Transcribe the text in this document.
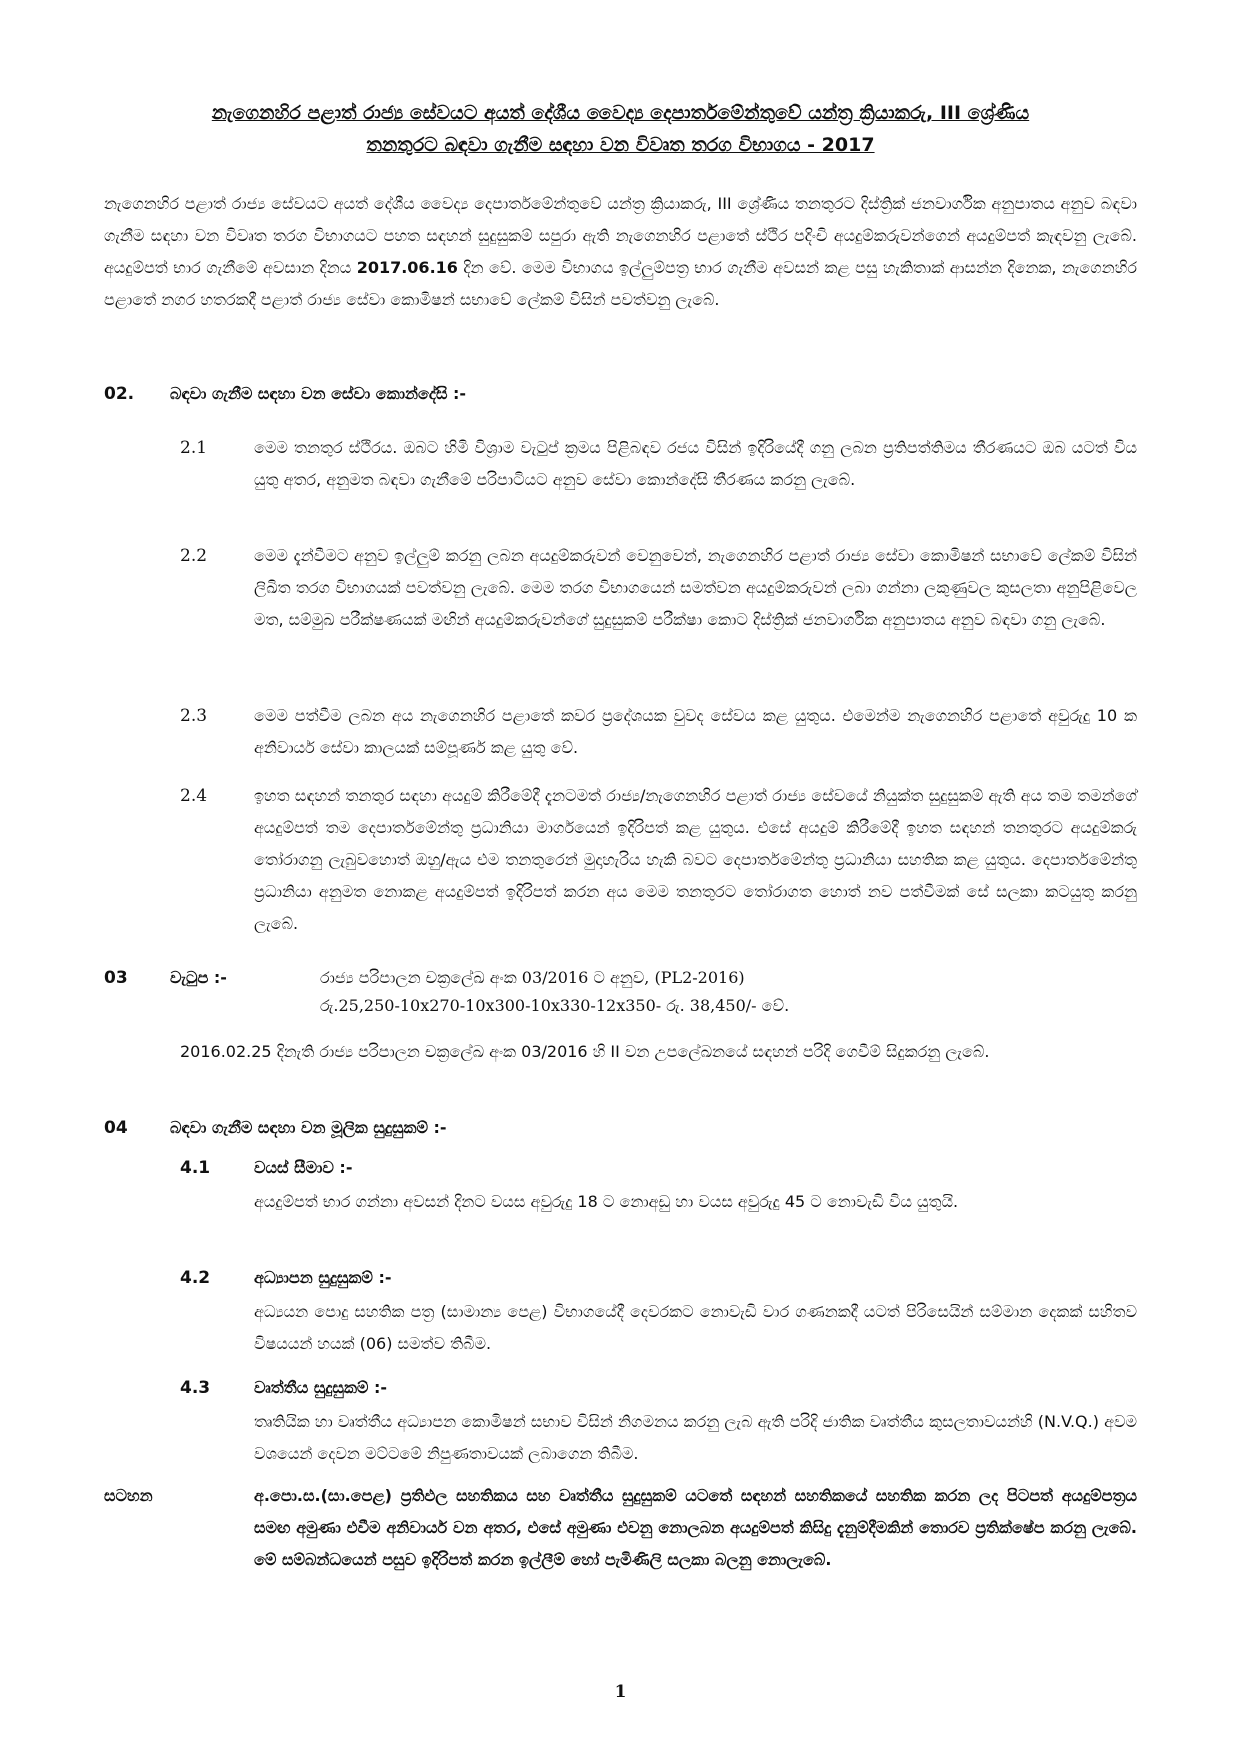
නැගෙනහිර පළාත් රාජ්‍ය සේවයට අයත් දේශීය වෛද්‍ය දෙපාර්තමේන්තුවේ යන්ත්‍ර ක්‍රියාකරු, III ශ්‍රේණිය
තනතුරට බඳවා ගැනීම සඳහා වන විවෘත තරග විභාගය - 2017
නැගෙනහිර පළාත් රාජ්‍ය සේවයට අයත් දේශීය වෛද්‍ය දෙපාර්තමේන්තුවේ යන්ත්‍ර ක්‍රියාකරු, III ශ්‍රේණිය තනතුරට දිස්ත්‍රික් ජනවාර්ගික අනුපාතය අනුව බඳවා ගැනීම සඳහා වන විවෘත තරග විභාගයට පහත සඳහන් සුදුසුකම් සපුරා ඇති නැගෙනහිර පළාතේ ස්ථිර පදිංචි අයදුම්කරුවන්ගෙන් අයදුම්පත් කැඳවනු ලැබේ. අයදුම්පත් භාර ගැනීමේ අවසාන දිනය 2017.06.16 දින වේ. මෙම විභාගය ඉල්ලුම්පත්‍ර භාර ගැනීම අවසන් කළ පසු හැකිතාක් ආසන්න දිනෙක, නැගෙනහිර පළාතේ නගර හතරකදී පළාත් රාජ්‍ය සේවා කොමිෂන් සභාවේ ලේකම් විසින් පවත්වනු ලැබේ.
02. බඳවා ගැනීම සඳහා වන සේවා කොන්දේසි :-
2.1	මෙම තනතුර ස්ථිරය. ඔබට හිමි විශ්‍රාම වැටුප් ක්‍රමය පිළිබඳව රජය විසින් ඉදිරියේදී ගනු ලබන ප්‍රතිපත්තිමය තීරණයට ඔබ යටත් විය යුතු අතර, අනුමත බඳවා ගැනීමේ පරිපාටියට අනුව සේවා කොන්දේසි තීරණය කරනු ලැබේ.
2.2	මෙම දැන්වීමට අනුව ඉල්ලුම් කරනු ලබන අයදුම්කරුවන් වෙනුවෙන්, නැගෙනහිර පළාත් රාජ්‍ය සේවා කොමිෂන් සභාවේ ලේකම් විසින් ලිඛිත තරග විභාගයක් පවත්වනු ලැබේ. මෙම තරග විභාගයෙන් සමත්වන අයදුම්කරුවන් ලබා ගන්නා ලකුණුවල කුසලතා අනුපිළිවෙල මත, සම්මුඛ පරීක්ෂණයක් මඟින් අයදුම්කරුවන්ගේ සුදුසුකම් පරීක්ෂා කොට දිස්ත්‍රික් ජනවාර්ගික අනුපාතය අනුව බඳවා ගනු ලැබේ.
2.3	මෙම පත්වීම ලබන අය නැගෙනහිර පළාතේ කවර ප්‍රදේශයක වුවද සේවය කළ යුතුය. එමෙන්ම නැගෙනහිර පළාතේ අවුරුදු 10 ක අනිවාර්ය සේවා කාලයක් සම්පූර්ණ කළ යුතු වේ.
2.4	ඉහත සඳහන් තනතුර සඳහා අයදුම් කිරීමේදී දැනටමත් රාජ්‍ය/නැගෙනහිර පළාත් රාජ්‍ය සේවයේ නියුක්ත සුදුසුකම් ඇති අය තම තමන්ගේ අයදුම්පත් තම දෙපාර්තමේන්තු ප්‍රධානියා මාර්ගයෙන් ඉදිරිපත් කළ යුතුය. එසේ අයදුම් කිරීමේදී ඉහත සඳහන් තනතුරට අයදුම්කරු තෝරාගනු ලැබුවහොත් ඔහු/ඇය එම තනතුරෙන් මුදාහැරිය හැකි බවට දෙපාර්තමේන්තු ප්‍රධානියා සහතික කළ යුතුය. දෙපාර්තමේන්තු ප්‍රධානියා අනුමත නොකළ අයදුම්පත් ඉදිරිපත් කරන අය මෙම තනතුරට තෝරාගත හොත් නව පත්වීමක් සේ සලකා කටයුතු කරනු ලැබේ.
03	වැටුප :-	රාජ්‍ය පරිපාලන චක්‍රලේඛ අංක 03/2016 ට අනුව, (PL2-2016)
රු.25,250-10x270-10x300-10x330-12x350- රු. 38,450/- වේ.
2016.02.25 දිනැති රාජ්‍ය පරිපාලන චක්‍රලේඛ අංක 03/2016 හි II වන උපලේඛනයේ සඳහන් පරිදි ගෙවීම් සිදුකරනු ලැබේ.
04	බඳවා ගැනීම සඳහා වන මූලික සුදුසුකම් :-
4.1	වයස් සීමාව :-
අයදුම්පත් භාර ගන්නා අවසන් දිනට වයස අවුරුදු 18 ට නොඅඩු හා වයස අවුරුදු 45 ට නොවැඩි විය යුතුයි.
4.2	අධ්‍යාපන සුදුසුකම් :-
අධ්‍යයන පොදු සහතික පත්‍ර (සාමාන්‍ය පෙළ) විභාගයේදී දෙවරකට නොවැඩි වාර ගණනකදී යටත් පිරිසෙයින් සම්මාන දෙකක් සහිතව විෂයයන් හයක් (06) සමත්ව තිබීම.
4.3	වෘත්තීය සුදුසුකම් :-
තෘතියික හා වෘත්තීය අධ්‍යාපන කොමිෂන් සභාව විසින් නිගමනය කරනු ලැබ ඇති පරිදි ජාතික වෘත්තීය කුසලතාවයන්හි (N.V.Q.) අවම වශයෙන් දෙවන මට්ටමේ නිපුණතාවයක් ලබාගෙන තිබීම.
සටහන	අ.පො.ස.(සා.පෙළ) ප්‍රතිඵල සහතිකය සහ වෘත්තීය සුදුසුකම් යටතේ සඳහන් සහතිකයේ සහතික කරන ලද පිටපත් අයදුම්පත්‍රය සමඟ අමුණා එවීම අනිවාර්ය වන අතර, එසේ අමුණා එවනු නොලබන අයදුම්පත් කිසිදු දැනුම්දීමකින් තොරව ප්‍රතික්ෂේප කරනු ලැබේ. මේ සම්බන්ධයෙන් පසුව ඉදිරිපත් කරන ඉල්ලීම් හෝ පැමිණිලි සලකා බලනු නොලැබේ.
1
